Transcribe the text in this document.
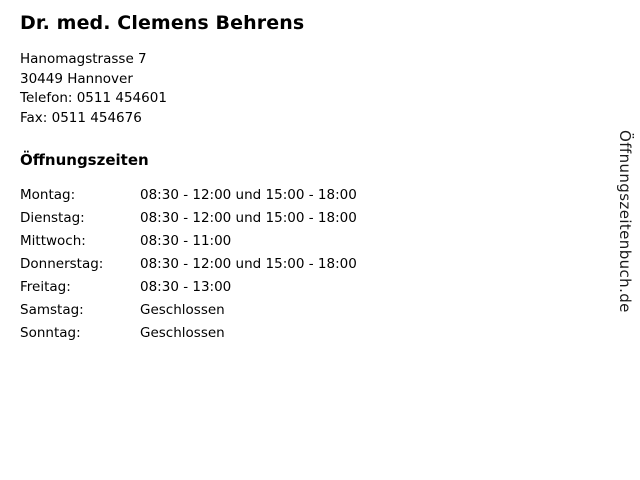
Dr. med. Clemens Behrens
Hanomagstrasse 7
30449 Hannover
Telefon: 0511 454601
Fax: 0511 454676
Öffnungszeiten
Montag:	08:30 - 12:00 und 15:00 - 18:00
Dienstag:	08:30 - 12:00 und 15:00 - 18:00
Mittwoch:	08:30 - 11:00
Donnerstag:	08:30 - 12:00 und 15:00 - 18:00
Freitag:	08:30 - 13:00
Samstag:	Geschlossen
Sonntag:	Geschlossen
Öffnungszeitenbuch.de
